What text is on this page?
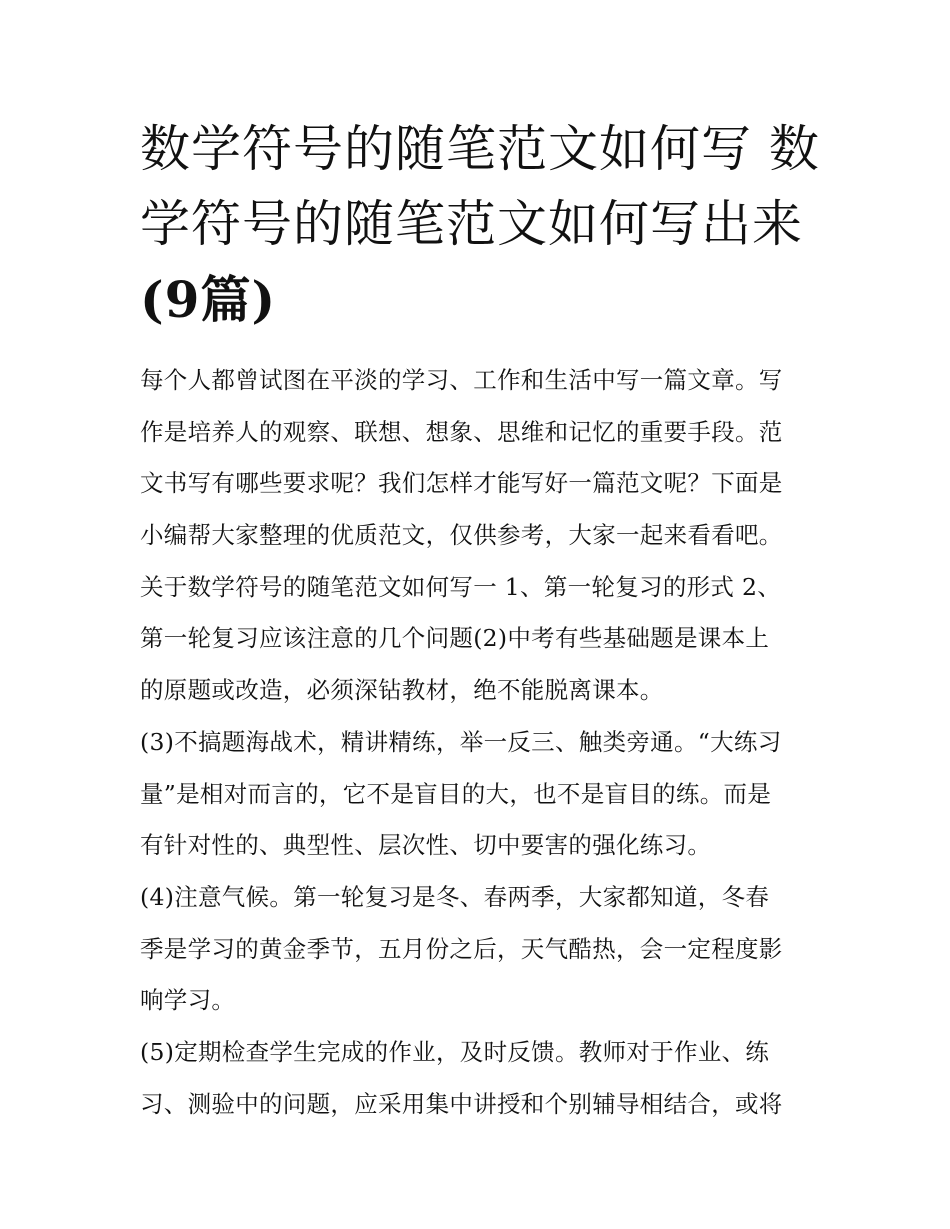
数学符号的随笔范文如何写 数
学符号的随笔范文如何写出来
(9篇)
每个人都曾试图在平淡的学习、工作和生活中写一篇文章。写
作是培养人的观察、联想、想象、思维和记忆的重要手段。范
文书写有哪些要求呢？我们怎样才能写好一篇范文呢？下面是
小编帮大家整理的优质范文，仅供参考，大家一起来看看吧。
关于数学符号的随笔范文如何写一 1、第一轮复习的形式 2、
第一轮复习应该注意的几个问题(2)中考有些基础题是课本上
的原题或改造，必须深钻教材，绝不能脱离课本。
(3)不搞题海战术，精讲精练，举一反三、触类旁通。“大练习
量”是相对而言的，它不是盲目的大，也不是盲目的练。而是
有针对性的、典型性、层次性、切中要害的强化练习。
(4)注意气候。第一轮复习是冬、春两季，大家都知道，冬春
季是学习的黄金季节，五月份之后，天气酷热，会一定程度影
响学习。
(5)定期检查学生完成的作业，及时反馈。教师对于作业、练
习、测验中的问题，应采用集中讲授和个别辅导相结合，或将
